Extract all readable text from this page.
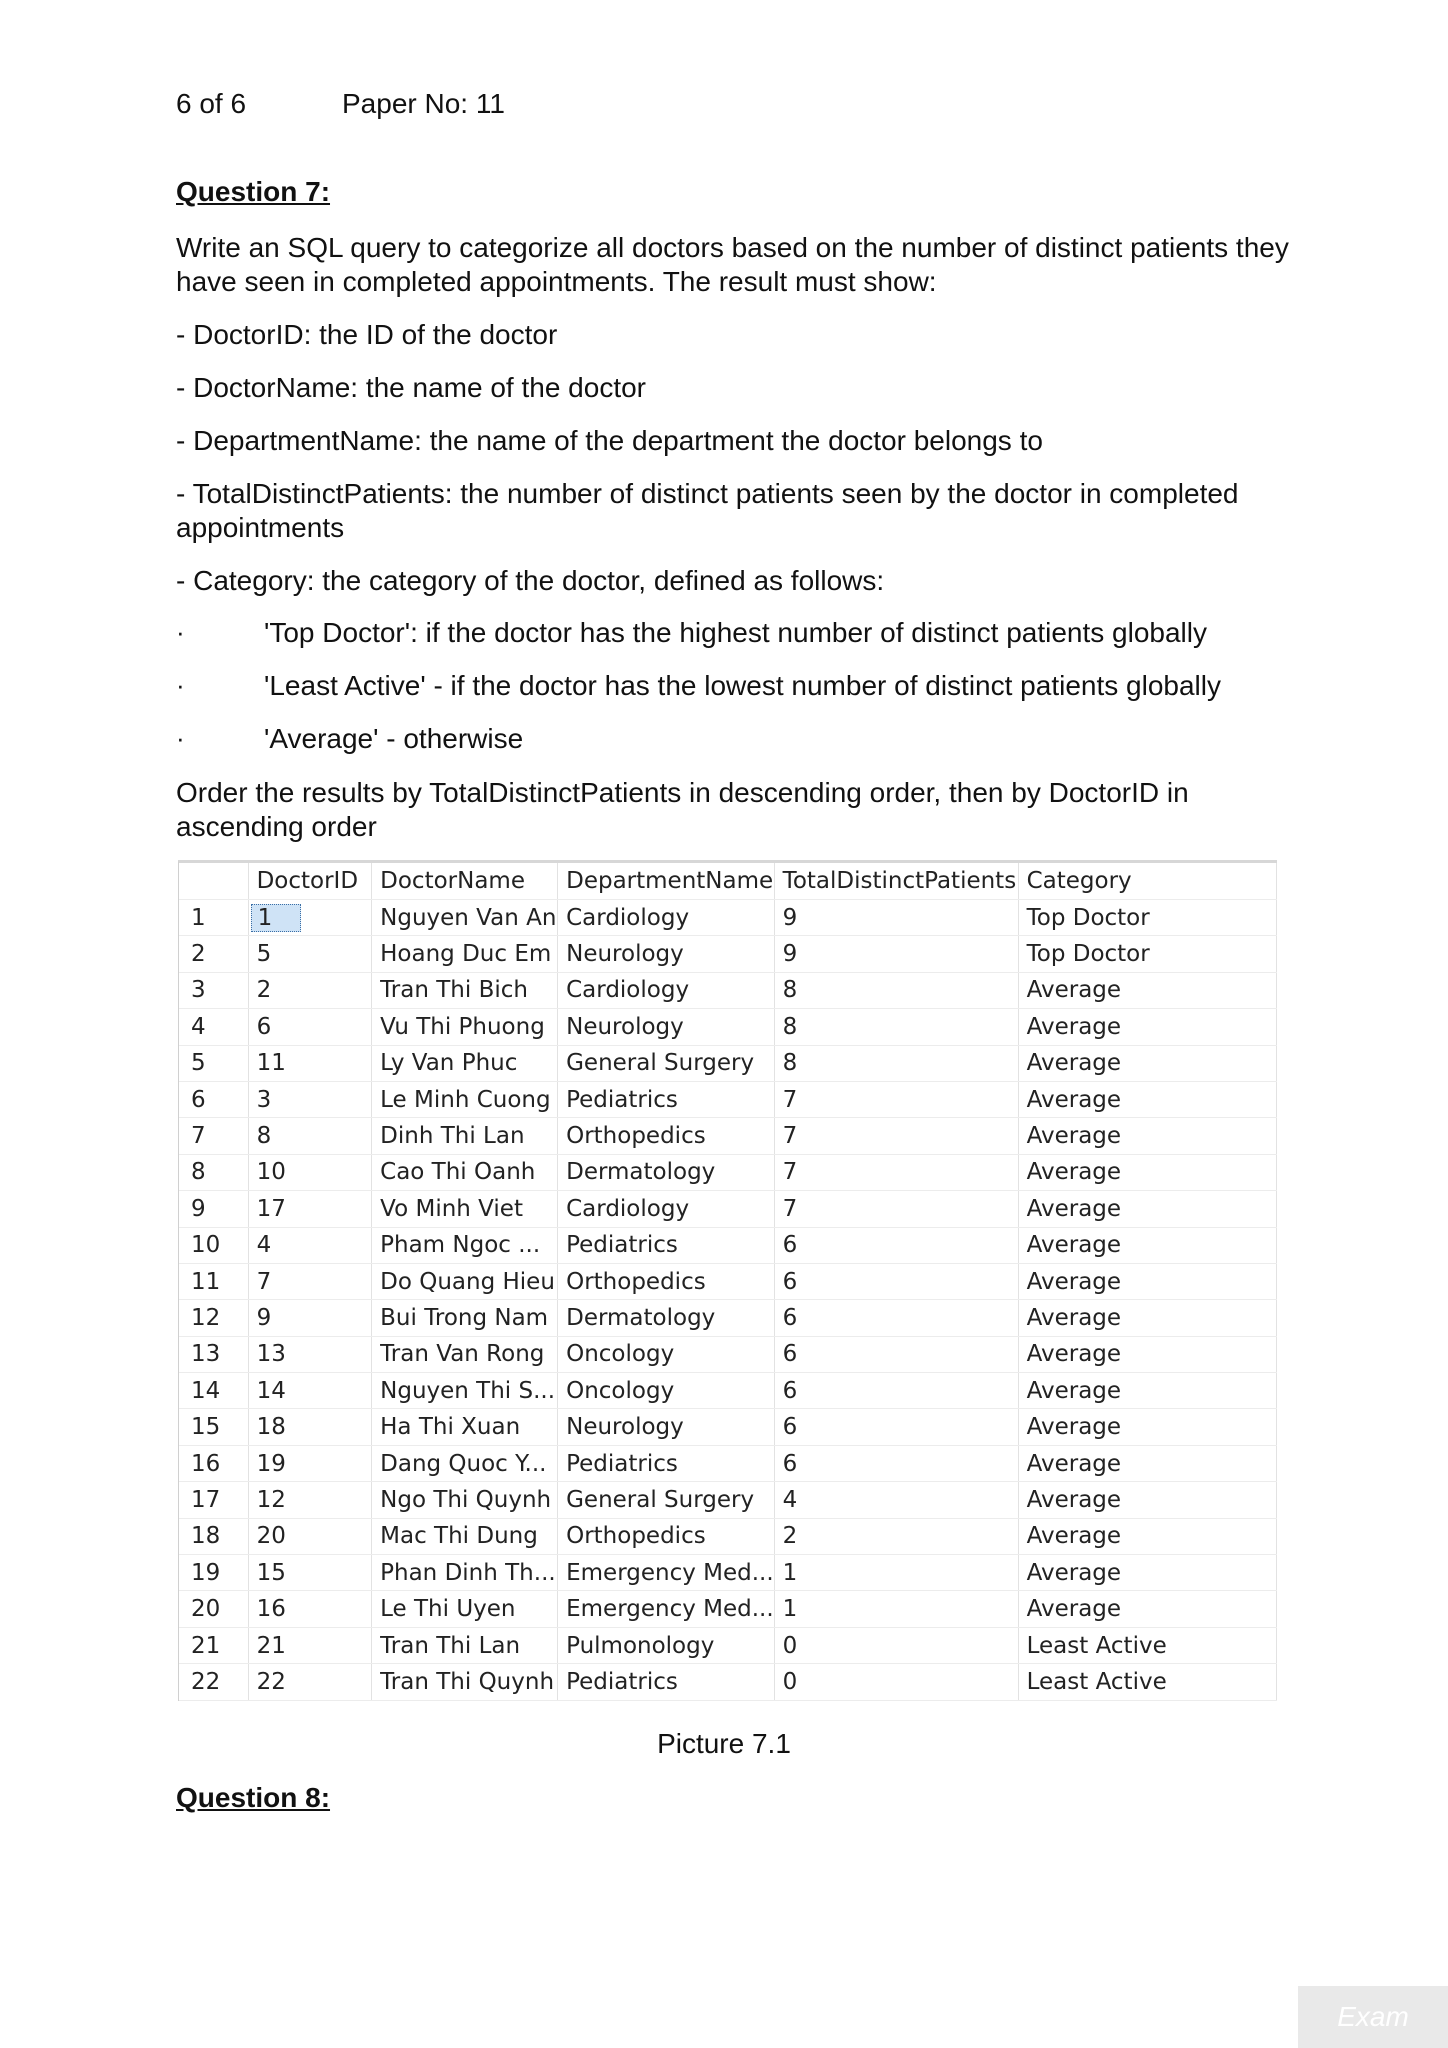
6 of 6	Paper No: 11
Question 7:
Write an SQL query to categorize all doctors based on the number of distinct patients they have seen in completed appointments. The result must show:
- DoctorID: the ID of the doctor
- DoctorName: the name of the doctor
- DepartmentName: the name of the department the doctor belongs to
- TotalDistinctPatients: the number of distinct patients seen by the doctor in completed appointments
- Category: the category of the doctor, defined as follows:
·	'Top Doctor': if the doctor has the highest number of distinct patients globally
·	'Least Active' - if the doctor has the lowest number of distinct patients globally
·	'Average' - otherwise
Order the results by TotalDistinctPatients in descending order, then by DoctorID in ascending order
	DoctorID	DoctorName	DepartmentName	TotalDistinctPatients	Category
1	1	Nguyen Van An	Cardiology	9	Top Doctor
2	5	Hoang Duc Em	Neurology	9	Top Doctor
3	2	Tran Thi Bich	Cardiology	8	Average
4	6	Vu Thi Phuong	Neurology	8	Average
5	11	Ly Van Phuc	General Surgery	8	Average
6	3	Le Minh Cuong	Pediatrics	7	Average
7	8	Dinh Thi Lan	Orthopedics	7	Average
8	10	Cao Thi Oanh	Dermatology	7	Average
9	17	Vo Minh Viet	Cardiology	7	Average
10	4	Pham Ngoc ...	Pediatrics	6	Average
11	7	Do Quang Hieu	Orthopedics	6	Average
12	9	Bui Trong Nam	Dermatology	6	Average
13	13	Tran Van Rong	Oncology	6	Average
14	14	Nguyen Thi S...	Oncology	6	Average
15	18	Ha Thi Xuan	Neurology	6	Average
16	19	Dang Quoc Y...	Pediatrics	6	Average
17	12	Ngo Thi Quynh	General Surgery	4	Average
18	20	Mac Thi Dung	Orthopedics	2	Average
19	15	Phan Dinh Th...	Emergency Med...	1	Average
20	16	Le Thi Uyen	Emergency Med...	1	Average
21	21	Tran Thi Lan	Pulmonology	0	Least Active
22	22	Tran Thi Quynh	Pediatrics	0	Least Active
Picture 7.1
Question 8:
Exam
